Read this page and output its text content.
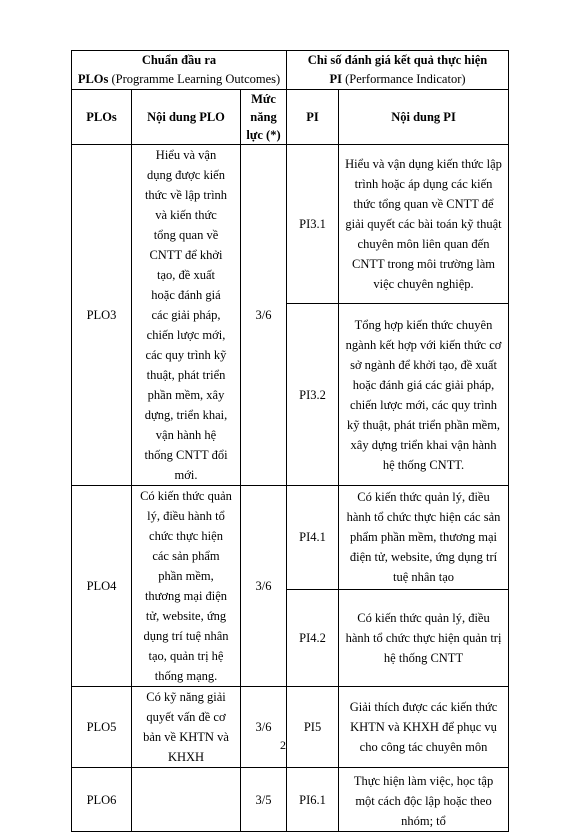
Chuẩn đầu ra
PLOs (Programme Learning Outcomes)			Chỉ số đánh giá kết quả thực hiện
PI (Performance Indicator)	
PLOs	Nội dung PLO	Mức năng lực (*)	PI	Nội dung PI
PLO3	Hiểu và vận dụng được kiến thức về lập trình và kiến thức tổng quan về CNTT để khởi tạo, đề xuất hoặc đánh giá các giải pháp, chiến lược mới, các quy trình kỹ thuật, phát triển phần mềm, xây dựng, triển khai, vận hành hệ thống CNTT đổi mới.	3/6	PI3.1	Hiểu và vận dụng kiến thức lập trình hoặc áp dụng các kiến thức tổng quan về CNTT để giải quyết các bài toán kỹ thuật chuyên môn liên quan đến CNTT trong môi trường làm việc chuyên nghiệp.
			PI3.2	Tổng hợp kiến thức chuyên ngành kết hợp với kiến thức cơ sở ngành để khởi tạo, đề xuất hoặc đánh giá các giải pháp, chiến lược mới, các quy trình kỹ thuật, phát triển phần mềm, xây dựng triển khai vận hành hệ thống CNTT.
PLO4	Có kiến thức quản lý, điều hành tổ chức thực hiện các sản phẩm phần mềm, thương mại điện tử, website, ứng dụng trí tuệ nhân tạo, quản trị hệ thống mạng.	3/6	PI4.1	Có kiến thức quản lý, điều hành tổ chức thực hiện các sản phẩm phần mềm, thương mại điện tử, website, ứng dụng trí tuệ nhân tạo
			PI4.2	Có kiến thức quản lý, điều hành tổ chức thực hiện quản trị hệ thống CNTT
PLO5	Có kỹ năng giải quyết vấn đề cơ bản về KHTN và KHXH	3/6	PI5	Giải thích được các kiến thức KHTN và KHXH để phục vụ cho công tác chuyên môn
PLO6		3/5	PI6.1	Thực hiện làm việc, học tập một cách độc lập hoặc theo nhóm; tổ
2
